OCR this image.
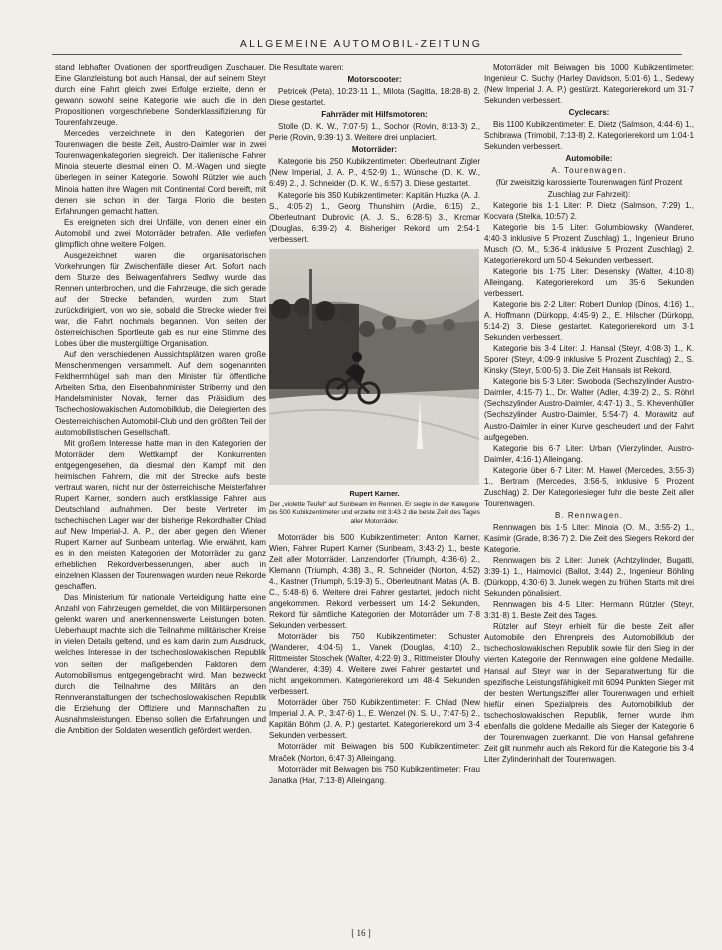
ALLGEMEINE AUTOMOBIL-ZEITUNG

stand lebhafter Ovationen der sportfreudigen Zuschauer. Eine Glanzleistung bot auch Hansal, der auf seinem Steyr durch eine Fahrt gleich zwei Erfolge erzielte, denn er gewann sowohl seine Kategorie wie auch die in den Propositionen vorgeschriebene Sonderklassifizierung für Tourenfahrzeuge.

Mercedes verzeichnete in den Kategorien der Tourenwagen die beste Zeit, Austro-Daimler war in zwei Tourenwagenkategorien siegreich. Der italienische Fahrer Minoia steuerte diesmal einen O. M.-Wagen und siegte überlegen in seiner Kategorie. Sowohl Rützler wie auch Minoia hatten ihre Wagen mit Continental Cord bereift, mit denen sie schon in der Targa Florio die besten Erfahrungen gemacht hatten.

Es ereigneten sich drei Unfälle, von denen einer ein Automobil und zwei Motorräder betrafen. Alle verliefen glimpflich ohne weitere Folgen.

Ausgezeichnet waren die organisatorischen Vorkehrungen für Zwischenfälle dieser Art. Sofort nach dem Sturze des Beiwagenfahrers Sedlwy wurde das Rennen unterbrochen, und die Fahrzeuge, die sich gerade auf der Strecke befanden, wurden zum Start zurückdirigiert, von wo sie, sobald die Strecke wieder frei war, die Fahrt nochmals begannen. Von seiten der österreichischen Sportleute gab es nur eine Stimme des Lobes über die mustergültige Organisation.

Auf den verschiedenen Aussichtsplätzen waren große Menschenmengen versammelt. Auf dem sogenannten Feldherrnhügel sah man den Minister für öffentliche Arbeiten Srba, den Eisenbahnminister Striberny und den Handelsminister Novak, ferner das Präsidium des Tschechoslowakischen Automobilklub, die Delegierten des Oesterreichischen Automobil-Club und den größten Teil der automobilistischen Gesellschaft.

Mit großem Interesse hatte man in den Kategorien der Motorräder dem Wettkampf der Konkurrenten entgegengesehen, da diesmal den Kampf mit den heimischen Fahrern, die mit der Strecke aufs beste vertraut waren, nicht nur der österreichische Meisterfahrer Rupert Karner, sondern auch erstklassige Fahrer aus Deutschland aufnahmen. Der beste Vertreter im tschechischen Lager war der bisherige Rekordhalter Chlad auf New Imperial-J. A. P., der aber gegen den Wiener Rupert Karner auf Sunbeam unterlag. Wie erwähnt, kam es in den meisten Kategorien der Motorräder zu ganz erheblichen Rekordverbesserungen, aber auch in einzelnen Klassen der Tourenwagen wurden neue Rekorde geschaffen.

Das Ministerium für nationale Verteidigung hatte eine Anzahl von Fahrzeugen gemeldet, die von Militärpersonen gelenkt waren und anerkennenswerte Leistungen boten. Ueberhaupt machte sich die Teilnahme militärischer Kreise in vielen Details geltend, und es kam darin zum Ausdruck, welches Interesse in der tschechoslowakischen Republik von seiten der maßgebenden Faktoren dem Automobilismus entgegengebracht wird. Man bezweckt durch die Teilnahme des Militärs an den Rennveranstaltungen der tschechoslowakischen Republik die Erziehung der Offiziere und Mannschaften zu Ausnahmsleistungen. Ebenso sollen die Erfahrungen und die Ambition der Soldaten wesentlich gefördert werden.

Die Resultate waren:

Motorscooter:

Petricek (Peta), 10:23·11 1., Milota (Sagitta, 18:28·8) 2. Diese gestartet.

Fahrräder mit Hilfsmotoren:

Stolle (D. K. W., 7:07·5) 1., Sochor (Rovin, 8:13·3) 2., Perie (Rovin, 9:39·1) 3. Weitere drei unplaciert.

Motorräder:

Kategorie bis 250 Kubikzentimeter: Oberleutnant Zigler (New Imperial, J. A. P., 4:52·9) 1., Wünsche (D. K. W., 6:49) 2., J. Schneider (D. K. W., 6:57) 3. Diese gestartet.

Kategorie bis 350 Kubikzentimeter: Kapitän Huzka (A. J. S., 4:05·2) 1., Georg Thunshirn (Ardie, 6:15) 2., Oberleutnant Dubrovic (A. J. S., 6:28·5) 3., Krcmar (Douglas, 6:39·2) 4. Bisheriger Rekord um 2:54·1 verbessert.

Rupert Karner.
Der „violette Teufel“ auf Sunbeam im Rennen. Er siegte in der Kategorie bis 500 Kubikzentimeter und erzielte mit 3:43·2 die beste Zeit des Tages aller Motorräder.

Motorräder bis 500 Kubikzentimeter: Anton Karner, Wien, Fahrer Rupert Karner (Sunbeam, 3:43·2) 1., beste Zeit aller Motorräder. Lanzendorfer (Triumph, 4:36·6) 2., Klemann (Triumph, 4:38) 3., R. Schneider (Norton, 4:52) 4., Kastner (Triumph, 5:19·3) 5., Oberleutnant Matas (A. B. C., 5:48·6) 6. Weitere drei Fahrer gestartet, jedoch nicht angekommen. Rekord verbessert um 14·2 Sekunden, Rekord für sämtliche Kategorien der Motorräder um 7·8 Sekunden verbessert.

Motorräder bis 750 Kubikzentimeter: Schuster (Wanderer, 4:04·5) 1., Vanek (Douglas, 4:10) 2., Rittmeister Stoschek (Walter, 4:22·9) 3., Rittmeister Dlouhy (Wanderer, 4:39) 4. Weitere zwei Fahrer gestartet und nicht angekommen. Kategorierekord um 48·4 Sekunden verbessert.

Motorräder über 750 Kubikzentimeter: F. Chlad (New Imperial J. A. P., 3:47·6) 1., E. Wenzel (N. S. U., 7:47·5) 2., Kapitän Böhm (J. A. P.) gestartet. Kategorierekord um 3·4 Sekunden verbessert.

Motorräder mit Beiwagen bis 500 Kubikzentimeter: Mraček (Norton, 6:47·3) Alleingang.

Motorräder mit Beiwagen bis 750 Kubikzentimeter: Frau Janatka (Har, 7:13·8) Alleingang.

Motorräder mit Beiwagen bis 1000 Kubikzentimeter: Ingenieur C. Suchy (Harley Davidson, 5:01·6) 1., Sedewy (New Imperial J. A. P.) gestürzt. Kategorierekord um 31·7 Sekunden verbessert.

Cyclecars:

Bis 1100 Kubikzentimeter: E. Dietz (Salmson, 4:44·6) 1., Schibrawa (Trimobil, 7:13·8) 2. Kategorierekord um 1:04·1 Sekunden verbessert.

Automobile:
A. Tourenwagen.

(für zweisitzig karossierte Tourenwagen fünf Prozent Zuschlag zur Fahrzeit):

Kategorie bis 1·1 Liter: P. Dietz (Salmson, 7:29) 1., Kocvara (Stelka, 10:57) 2.

Kategorie bis 1·5 Liter: Golumbiowsky (Wanderer, 4:40·3 inklusive 5 Prozent Zuschlag) 1., Ingenieur Bruno Musch (O. M., 5:36·4 inklusive 5 Prozent Zuschlag) 2. Kategorierekord um 50·4 Sekunden verbessert.

Kategorie bis 1·75 Liter: Desensky (Walter, 4:10·8) Alleingang. Kategorierekord um 35·6 Sekunden verbessert.

Kategorie bis 2·2 Liter: Robert Dunlop (Dinos, 4:16) 1., A. Hoffmann (Dürkopp, 4:45·9) 2., E. Hilscher (Dürkopp, 5:14·2) 3. Diese gestartet. Kategorierekord um 3·1 Sekunden verbessert.

Kategorie bis 3·4 Liter: J. Hansal (Steyr, 4:08·3) 1., K. Sporer (Steyr, 4:09·9 inklusive 5 Prozent Zuschlag) 2., S. Kinsky (Steyr, 5:00·5) 3. Die Zeit Hansals ist Rekord.

Kategorie bis 5·3 Liter: Swoboda (Sechszylinder Austro-Daimler, 4:15·7) 1., Dr. Walter (Adler, 4:39·2) 2., S. Röhrl (Sechszylinder Austro-Daimler, 4:47·1) 3., S. Khevenhüller (Sechszylinder Austro-Daimler, 5:54·7) 4. Morawitz auf Austro-Daimler in einer Kurve gescheudert und der Fahrt aufgegeben.

Kategorie bis 6·7 Liter: Urban (Vierzylinder, Austro-Daimler, 4:16·1) Alleingang.

Kategorie über 6·7 Liter: M. Hawel (Mercedes, 3:55·3) 1., Bertram (Mercedes, 3:56·5, inklusive 5 Prozent Zuschlag) 2. Der Kategoriesieger fuhr die beste Zeit aller Tourenwagen.

B. Rennwagen.

Rennwagen bis 1·5 Liter: Minoia (O. M., 3:55·2) 1., Kasimir (Grade, 8:36·7) 2. Die Zeit des Siegers Rekord der Kategorie.

Rennwagen bis 2 Liter: Junek (Achtzylinder, Bugatti, 3:39·1) 1., Haimovici (Ballot, 3:44) 2., Ingenieur Böhling (Dürkopp, 4:30·6) 3. Junek wegen zu frühen Starts mit drei Sekunden pönalisiert.

Rennwagen bis 4·5 Liter: Hermann Rützler (Steyr, 3:31·8) 1. Beste Zeit des Tages.

Rützler auf Steyr erhielt für die beste Zeit aller Automobile den Ehrenpreis des Automobilklub der tschechoslowakischen Republik sowie für den Sieg in der vierten Kategorie der Rennwagen eine goldene Medaille. Hansal auf Steyr war in der Separatwertung für die spezifische Leistungsfähigkeit mit 6094 Punkten Sieger mit der besten Wertungsziffer aller Tourenwagen und erhielt hiefür einen Spezialpreis des Automobilklub der tschechoslowakischen Republik, ferner wurde ihm ebenfalls die goldene Medaille als Sieger der Kategorie 6 der Tourenwagen zuerkannt. Die von Hansal gefahrene Zeit gilt nunmehr auch als Rekord für die Kategorie bis 3·4 Liter Zylinderinhalt der Tourenwagen.

[ 16 ]
